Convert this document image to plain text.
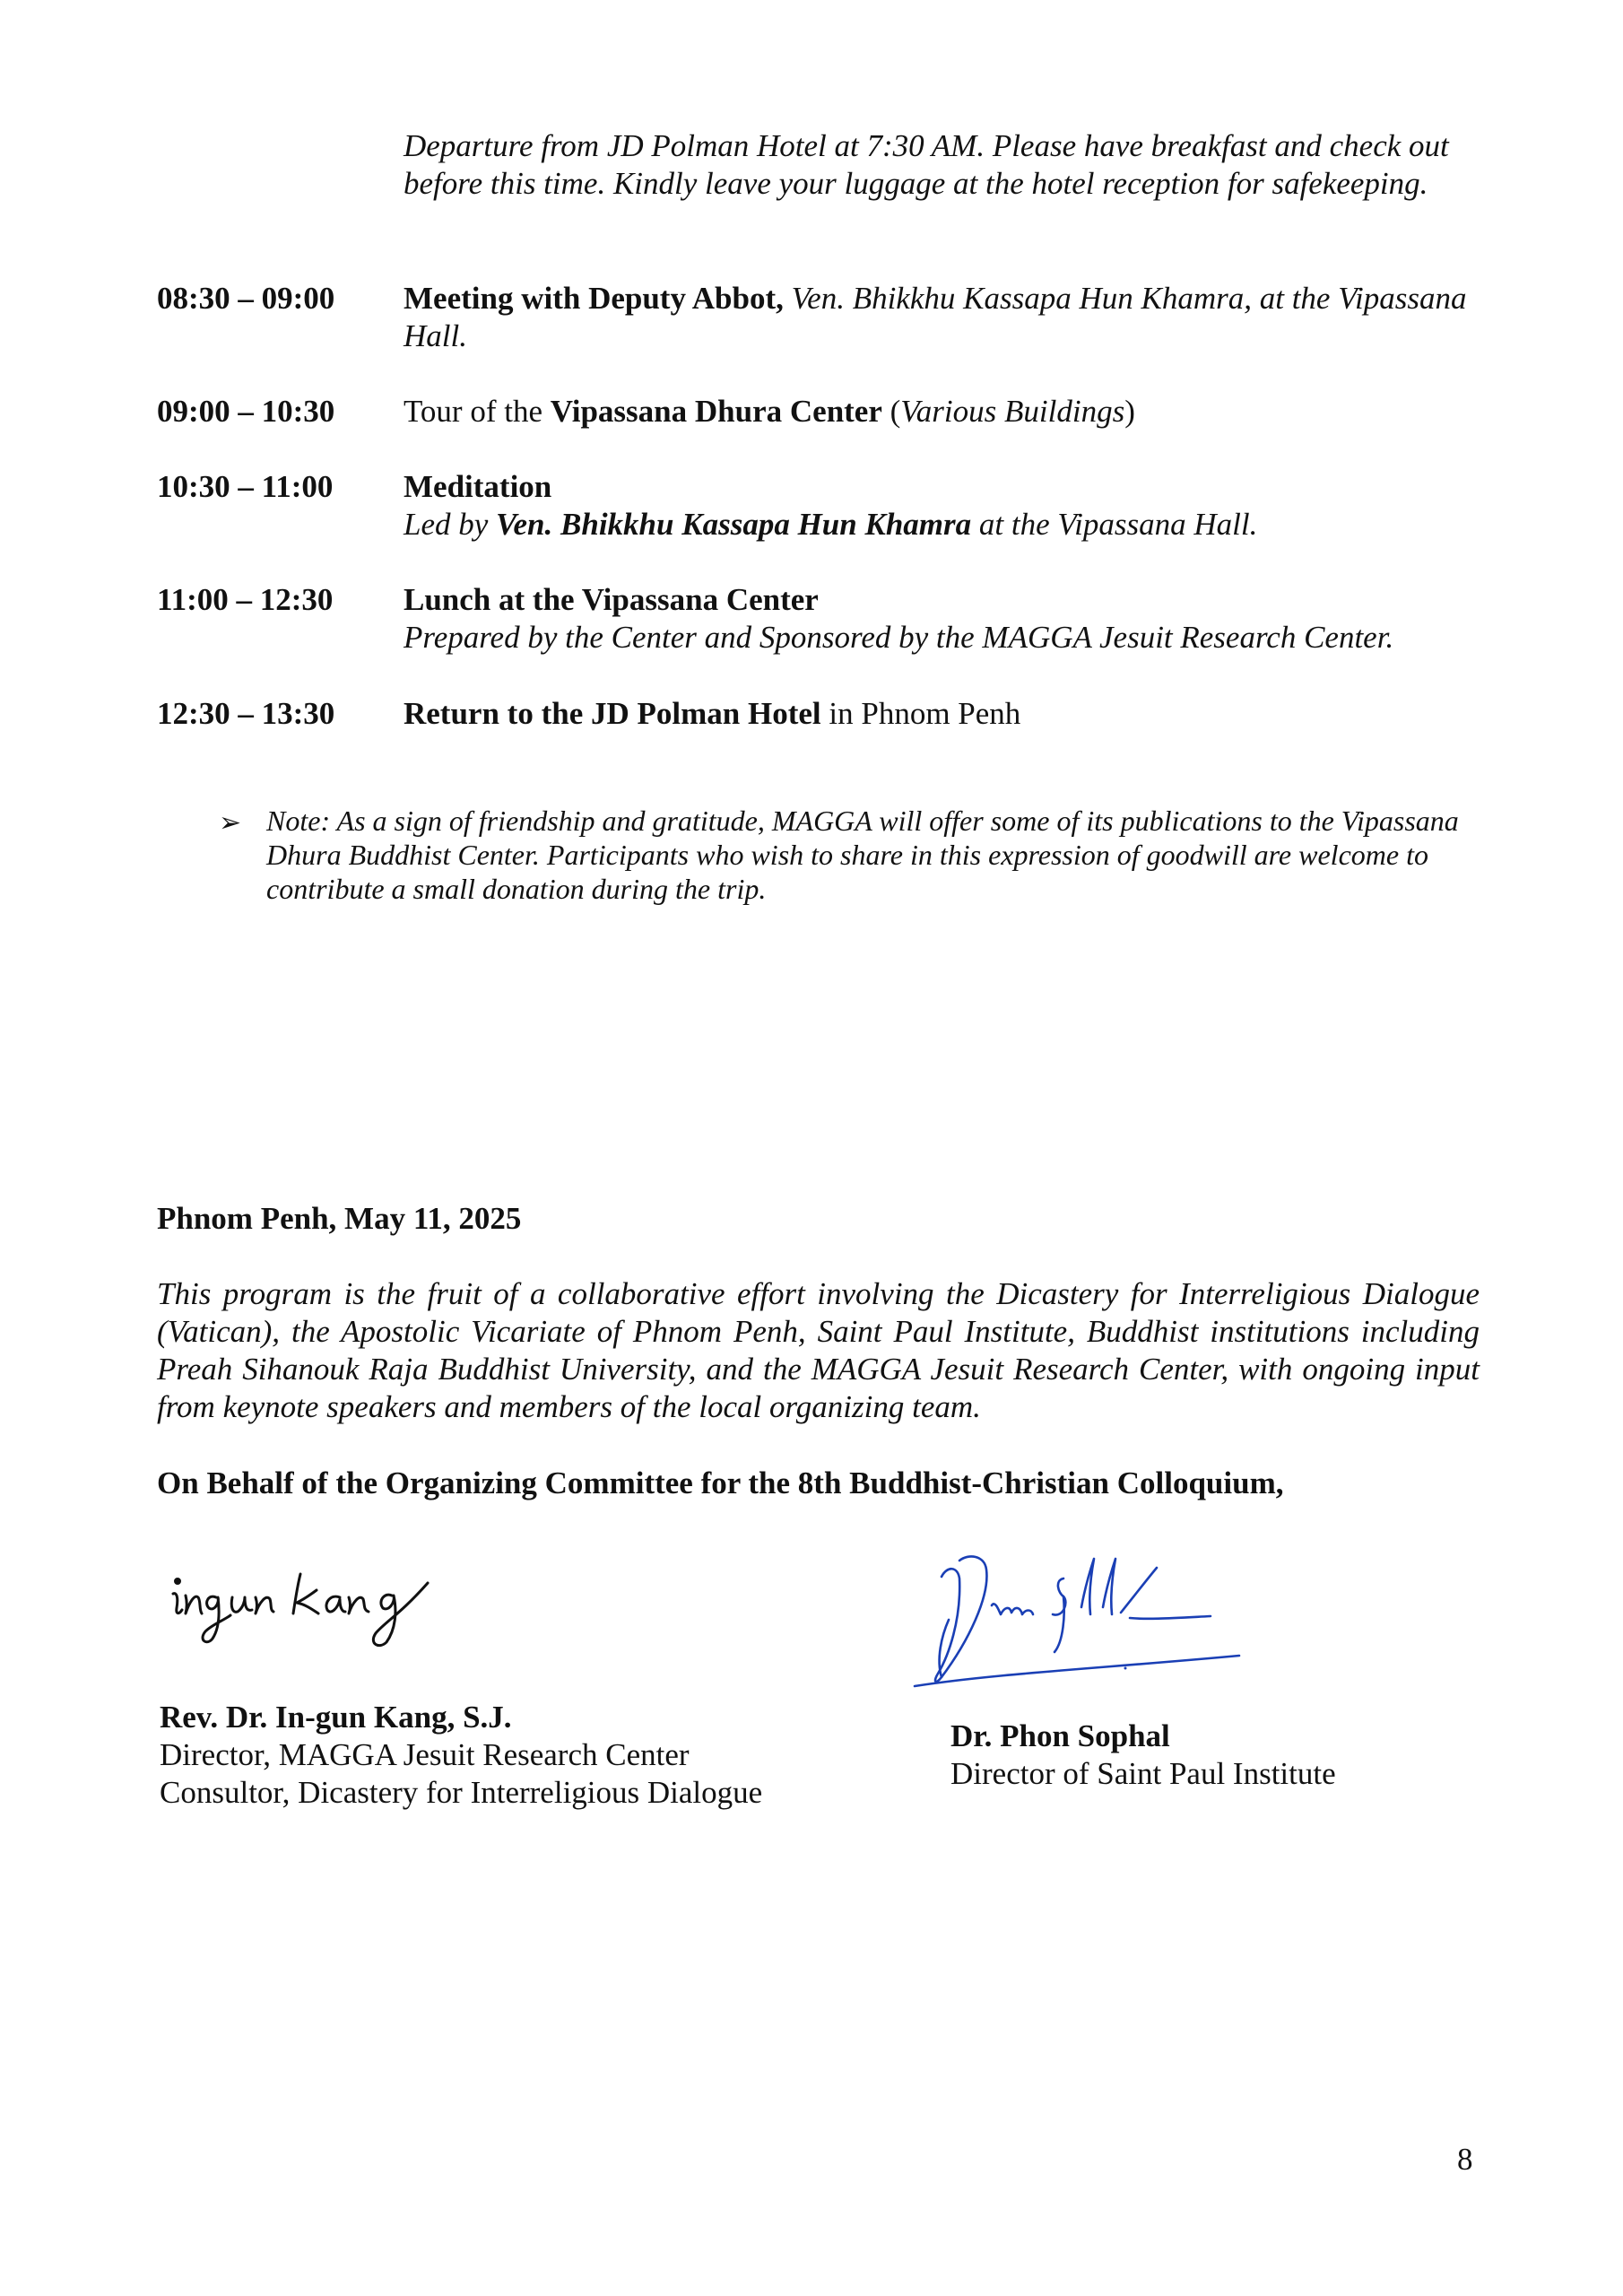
Departure from JD Polman Hotel at 7:30 AM. Please have breakfast and check out before this time. Kindly leave your luggage at the hotel reception for safekeeping.

08:30 – 09:00 Meeting with Deputy Abbot, Ven. Bhikkhu Kassapa Hun Khamra, at the Vipassana Hall.

09:00 – 10:30 Tour of the Vipassana Dhura Center (Various Buildings)

10:30 – 11:00 Meditation

Led by Ven. Bhikkhu Kassapa Hun Khamra at the Vipassana Hall.

11:00 – 12:30 Lunch at the Vipassana Center

Prepared by the Center and Sponsored by the MAGGA Jesuit Research Center.

12:30 – 13:30 Return to the JD Polman Hotel in Phnom Penh

➢ Note: As a sign of friendship and gratitude, MAGGA will offer some of its publications to the Vipassana Dhura Buddhist Center. Participants who wish to share in this expression of goodwill are welcome to contribute a small donation during the trip.
Phnom Penh, May 11, 2025
This program is the fruit of a collaborative effort involving the Dicastery for Interreligious Dialogue (Vatican), the Apostolic Vicariate of Phnom Penh, Saint Paul Institute, Buddhist institutions including Preah Sihanouk Raja Buddhist University, and the MAGGA Jesuit Research Center, with ongoing input from keynote speakers and members of the local organizing team.
On Behalf of the Organizing Committee for the 8th Buddhist-Christian Colloquium,
Rev. Dr. In-gun Kang, S.J.
Director, MAGGA Jesuit Research Center
Consultor, Dicastery for Interreligious Dialogue
Dr. Phon Sophal
Director of Saint Paul Institute
8
